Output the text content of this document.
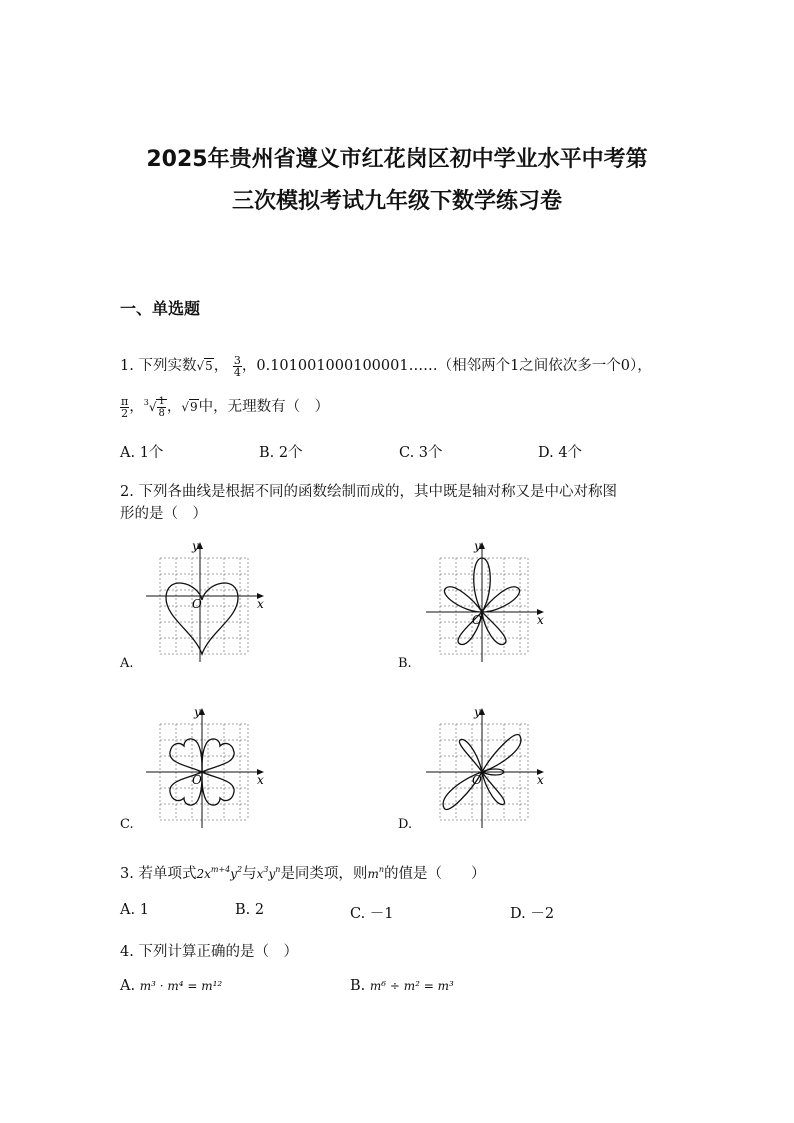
2025年贵州省遵义市红花岗区初中学业水平中考第
三次模拟考试九年级下数学练习卷
一、单选题
1. 下列实数√5， $\frac{3}{4}$ ，0.101001000100001……（相邻两个1之间依次多一个0），
$\frac{\pi}{2}$ ，$^3√ \frac{1}{8}$ ，√9中，无理数有（　）
A. 1个	B. 2个	C. 3个	D. 4个
2. 下列各曲线是根据不同的函数绘制而成的，其中既是轴对称又是中心对称图
形的是（　）
y
x
O
A.
y
x
O
B.
y
x
O
C.
y
x
O
D.
3. 若单项式$2x^{m+4}y^2$与$x^3y^n$是同类项，则$m^n$的值是（　　）
A. 1	B. 2	C. －1	D. －2
4. 下列计算正确的是（　）
A. m³ · m⁴ = m¹²	B. m⁶ ÷ m² = m³
